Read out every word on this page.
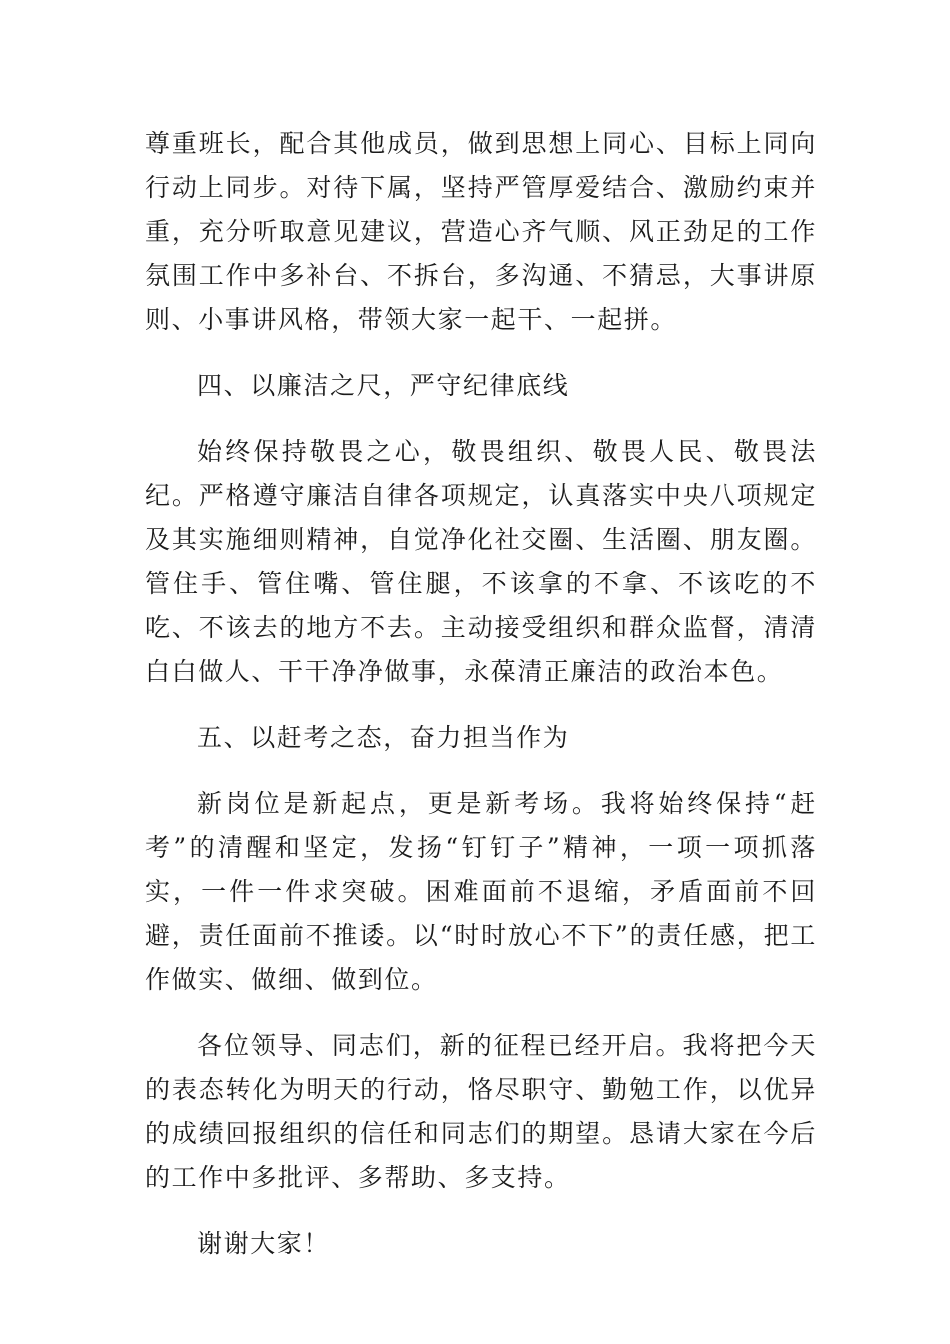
尊重班长，配合其他成员，做到思想上同心、目标上同向行动上同步。对待下属，坚持严管厚爱结合、激励约束并重，充分听取意见建议，营造心齐气顺、风正劲足的工作氛围工作中多补台、不拆台，多沟通、不猜忌，大事讲原则、小事讲风格，带领大家一起干、一起拼。

四、以廉洁之尺，严守纪律底线

始终保持敬畏之心，敬畏组织、敬畏人民、敬畏法纪。严格遵守廉洁自律各项规定，认真落实中央八项规定及其实施细则精神，自觉净化社交圈、生活圈、朋友圈。管住手、管住嘴、管住腿，不该拿的不拿、不该吃的不吃、不该去的地方不去。主动接受组织和群众监督，清清白白做人、干干净净做事，永葆清正廉洁的政治本色。

五、以赶考之态，奋力担当作为

新岗位是新起点，更是新考场。我将始终保持“赶考”的清醒和坚定，发扬“钉钉子”精神，一项一项抓落实，一件一件求突破。困难面前不退缩，矛盾面前不回避，责任面前不推诿。以“时时放心不下”的责任感，把工作做实、做细、做到位。

各位领导、同志们，新的征程已经开启。我将把今天的表态转化为明天的行动，恪尽职守、勤勉工作，以优异的成绩回报组织的信任和同志们的期望。恳请大家在今后的工作中多批评、多帮助、多支持。

谢谢大家！
